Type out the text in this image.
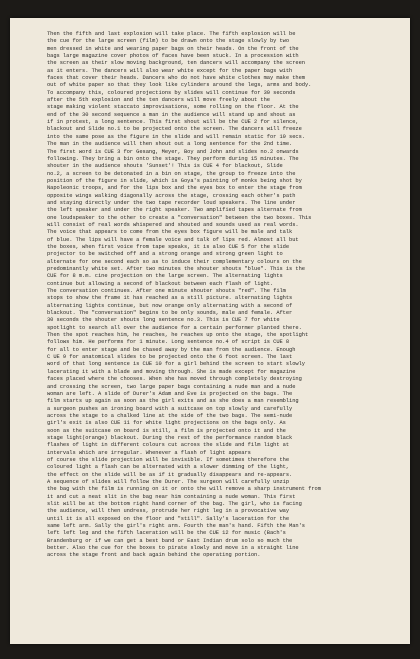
Then the fifth and last explosion will take place. The fifth explosion will be
the cue for the large screen (film) to be drawn onto the stage slowly by two
men dressed in white and wearing paper bags on their heads. On the front of the
bags large magazine cover photos of faces have been stuck. In a procession with
the screen as their slow moving background, ten dancers will accompany the screen
as it enters. The dancers will also wear white except for the paper bags with
faces that cover their heads. Dancers who do not have white clothes may make them
out of white paper so that they look like cylinders around the legs, arms and body.
To accompany this, coloured projections by slides will continue for 30 seconds
after the 5th explosion and the ten dancers will move freely about the
stage making violent staccato improvisations, some rolling on the floor. At the
end of the 30 second sequence a man in the audience will stand up and shout as
if in protest, a long sentence. This first shout will be the CUE 2 for silence,
blackout and Slide no.1 to be projected onto the screen. The dancers will freeze
into the same pose as the figure in the slide and will remain static for 10 secs.
The man in the audience will then shout out a long sentence for the 2nd time.
The first word is CUE 3 for Gesang, Meyer, Boy and John and slides no.2 onwards
following. They bring a bin onto the stage. They perform during 15 minutes. The
shouter in the audience shouts 'Sunset'! This is CUE 4 for blackout, Slide
no.2, a screen to be detonated in a bin on stage, the group to freeze into the
position of the figure in slide, which is Goya's painting of monks being shot by
Napoleonic troops, and for the lips box and the eyes box to enter the stage from
opposite wings walking diagonally across the stage, crossing each other's path
and staying directly under the two tape recorder loud speakers. The line under
the left speaker and under the right speaker. Two amplified tapes alternate from
one loudspeaker to the other to create a "conversation" between the two boxes. This
will consist of real words whispered and shouted and sounds used as real words.
The voice that appears to come from the eyes box figure will be male and talk
of blue. The lips will have a female voice and talk of lips red. Almost all but
the boxes, when first voice from tape speaks, it is also CUE 5 for the slide
projector to be switched off and a strong orange and strong green light to
alternate for one second each so as to induce their complementary colours on the
predominantly white set. After two minutes the shouter shouts "blue". This is the
CUE for 8 m.m. cine projection on the large screen. The alternating lights
continue but allowing a second of blackout between each flash of light.
The conversation continues. After one minute shouter shouts "red". The film
stops to show the frame it has reached as a still picture. alternating lights
alternating lights continue, but now orange only alternating with a second of
blackout. The "conversation" begins to be only sounds, male and female. After
30 seconds the shouter shouts long sentence no.3. This is CUE 7 for white
spotlight to search all over the audience for a certain performer planted there.
Then the spot reaches him, he reaches, he reaches up onto the stage, the spotlight
follows him. He performs for 1 minute. Long sentence no.4 of script is CUE 8
for all to enter stage and be chased away by the man from the audience. Enough
C UE 9 for anatomical slides to be projected onto the 6 foot screen. The last
word of that long sentence is CUE 10 for a girl behind the screen to start slowly
lacerating it with a blade and moving through. She is made except for magazine
faces placed where the chooses. When she has moved through completely destroying
and crossing the screen, two large paper bags containing a nude man and a nude
woman are left. A slide of Durer's Adam and Eve is projected on the bags. The
film starts up again as soon as the girl exits and as she does a man resembling
a surgeon pushes an ironing board with a suitcase on top slowly and carefully
across the stage to a chalked line at the side of the two bags. The semi-nude
girl's exit is also CUE 11 for white light projections on the bags only. As
soon as the suitcase on board is still, a film is projected onto it and the
stage light(orange) blackout. During the rest of the performance random black
flashes of light in different colours cut across the slide and film light at
intervals which are irregular. Whenever a flash of light appears
of course the slide projection will be invisible. If sometimes therefore the
coloured light a flash can be alternated with a slower dimming of the light,
the effect on the slide will be as if it gradually disappears and re-appears.
A sequence of slides will follow the Durer. The surgeon will carefully unzip
the bag with the film is running on it or onto the will remove a sharp instrument from
it and cut a neat slit in the bag near him containing a nude woman. This first
slit will be at the bottom right hand corner of the bag. The girl, who is facing
the audience, will then undress, protrude her right leg in a provocative way
until it is all exposed on the floor and "still". Sally's laceration for the
same left arm. Sally the girl's right arm. Fourth the man's hand. Fifth the Man's
left left leg and the fifth laceration will be the CUE 12 for music (Bach's
Brandenburg or if we can get a best band or East Indian drum solo so much the
better. Also the cue for the boxes to pirate slowly and move in a straight line
across the stage front and back again behind the operating portion.
